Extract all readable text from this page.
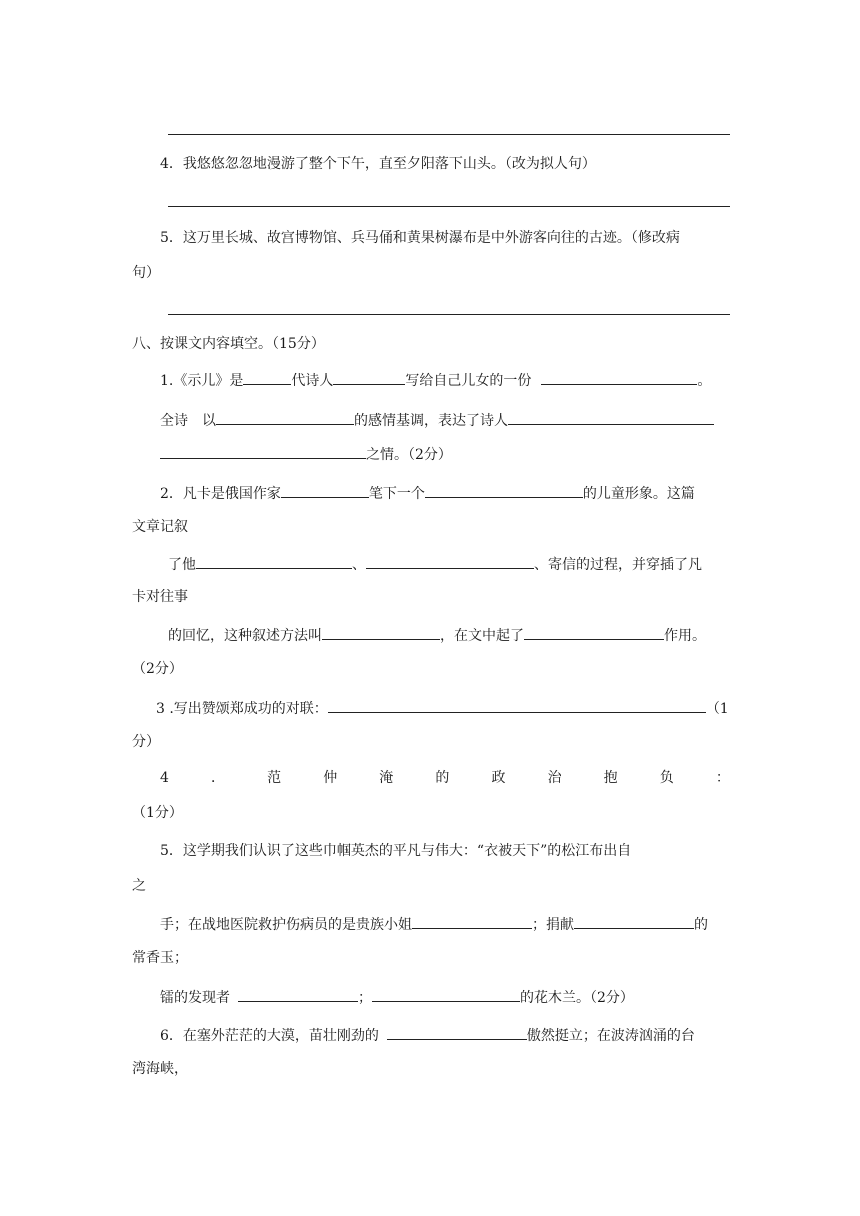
4．我悠悠忽忽地漫游了整个下午，直至夕阳落下山头。（改为拟人句）
5．这万里长城、故宫博物馆、兵马俑和黄果树瀑布是中外游客向往的古迹。（修改病
句）
八、按课文内容填空。（15分）
1.《示儿》是	代诗人	写给自己儿女的一份	。
全诗　以	的感情基调，表达了诗人
之情。（2分）
2．凡卡是俄国作家	笔下一个	的儿童形象。这篇
文章记叙
了他	、	、寄信的过程，并穿插了凡
卡对往事
的回忆，这种叙述方法叫	，在文中起了	作用。
（2分）
3 .写出赞颂郑成功的对联：	（1
分）
4	．	范	仲	淹	的	政	治	抱	负	：
（1分）
5．这学期我们认识了这些巾帼英杰的平凡与伟大：“衣被天下”的松江布出自
之
手；在战地医院救护伤病员的是贵族小姐	；捐献	的
常香玉；
镭的发现者	；	的花木兰。（2分）
6．在塞外茫茫的大漠，苗壮刚劲的	傲然挺立；在波涛汹涌的台
湾海峡，
